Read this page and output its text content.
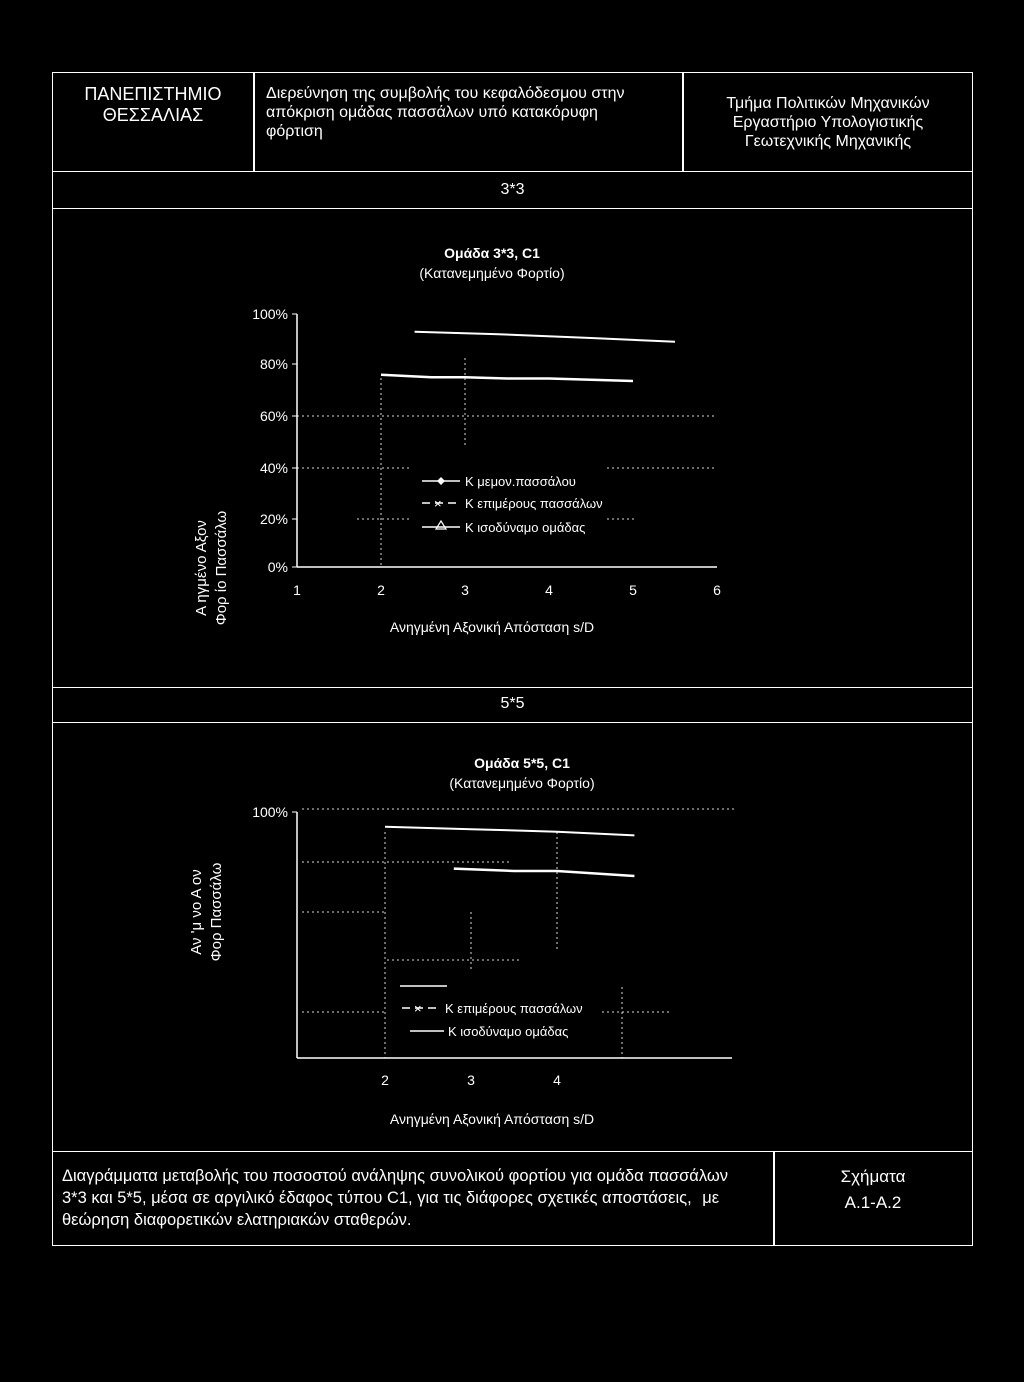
ΠΑΝΕΠΙΣΤΗΜΙΟ
ΘΕΣΣΑΛΙΑΣ
Διερεύνηση της συμβολής του κεφαλόδεσμου στην
απόκριση ομάδας πασσάλων υπό κατακόρυφη
φόρτιση
Τμήμα Πολιτικών Μηχανικών
Εργαστήριο Υπολογιστικής
Γεωτεχνικής Μηχανικής
3*3
5*5
Διαγράμματα μεταβολής του ποσοστού ανάληψης συνολικού φορτίου για ομάδα πασσάλων
3*3 και 5*5, μέσα σε αργιλικό έδαφος τύπου C1, για τις διάφορες σχετικές αποστάσεις, με
θεώρηση διαφορετικών ελατηριακών σταθερών.
Σχήματα
Α.1-Α.2
Ομάδα 3*3, C1
(Κατανεμημένο Φορτίο)
Α ηγμένο Αξον Φορ ίο Πασσάλω
100%
80%
60%
40%
20%
0%
1	2	3	4	5	6
Ανηγμένη Αξονική Απόσταση s/D
Κ μεμον.πασσάλου
× Κ επιμέρους πασσάλων
Κ ισοδύναμο ομάδας
Ομάδα 5*5, C1
(Κατανεμημένο Φορτίο)
Αν 'μ νο Α ον Φορ Πασσάλω
100%
2	3	4
Ανηγμένη Αξονική Απόσταση s/D
× Κ επιμέρους πασσάλων
Κ ισοδύναμο ομάδας
